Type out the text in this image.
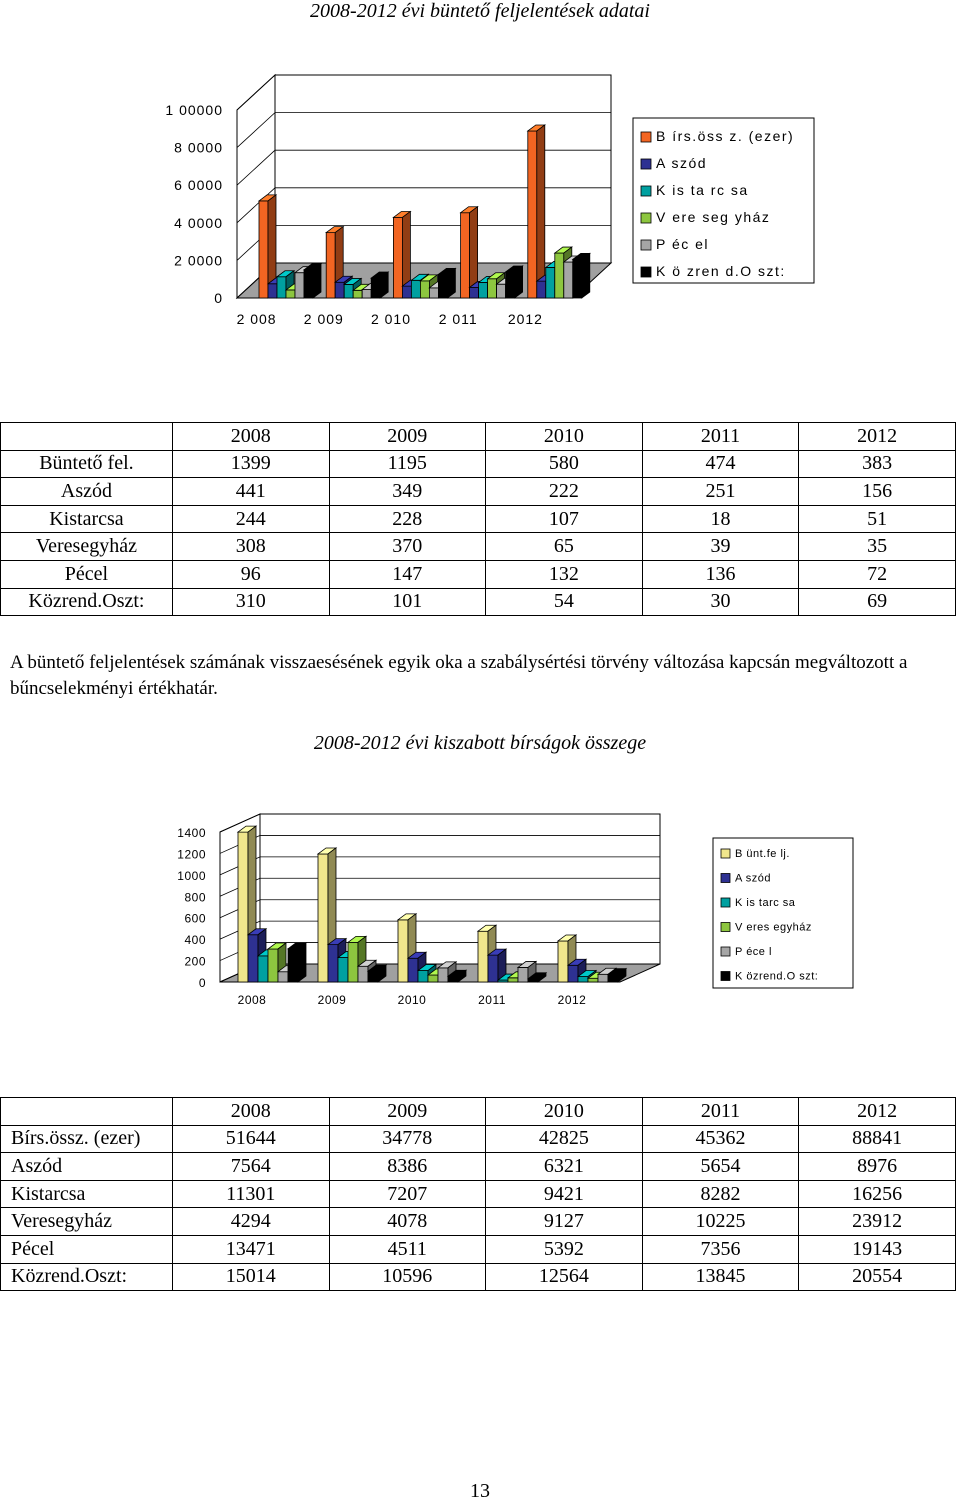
2008-2012 évi büntető feljelentések adatai
2008-2012 évi kiszabott bírságok összege
0
2 0000
4 0000
6 0000
8 0000
1 00000
2 008 2 009 2 010 2 011 2012
B írs.öss z. (ezer)
A szód
K is ta rc sa
V ere seg yház
P éc el
K ö zren d.O szt:
0
200
400
600
800
1000
1200
1400
2008	2009	2010	2011	2012
B ünt.fe lj.
A szód
K is tarc sa
V eres egyház
P éce l
K özrend.O szt:
	2008	2009	2010	2011	2012
Büntető fel.	1399	1195	580	474	383
Aszód	441	349	222	251	156
Kistarcsa	244	228	107	18	51
Veresegyház	308	370	65	39	35
Pécel	96	147	132	136	72
Közrend.Oszt:	310	101	54	30	69
A büntető feljelentések számának visszaesésének egyik oka a szabálysértési törvény változása kapcsán megváltozott a bűncselekményi értékhatár.
	2008	2009	2010	2011	2012
Bírs.össz. (ezer)	51644	34778	42825	45362	88841
Aszód	7564	8386	6321	5654	8976
Kistarcsa	11301	7207	9421	8282	16256
Veresegyház	4294	4078	9127	10225	23912
Pécel	13471	4511	5392	7356	19143
Közrend.Oszt:	15014	10596	12564	13845	20554
13
